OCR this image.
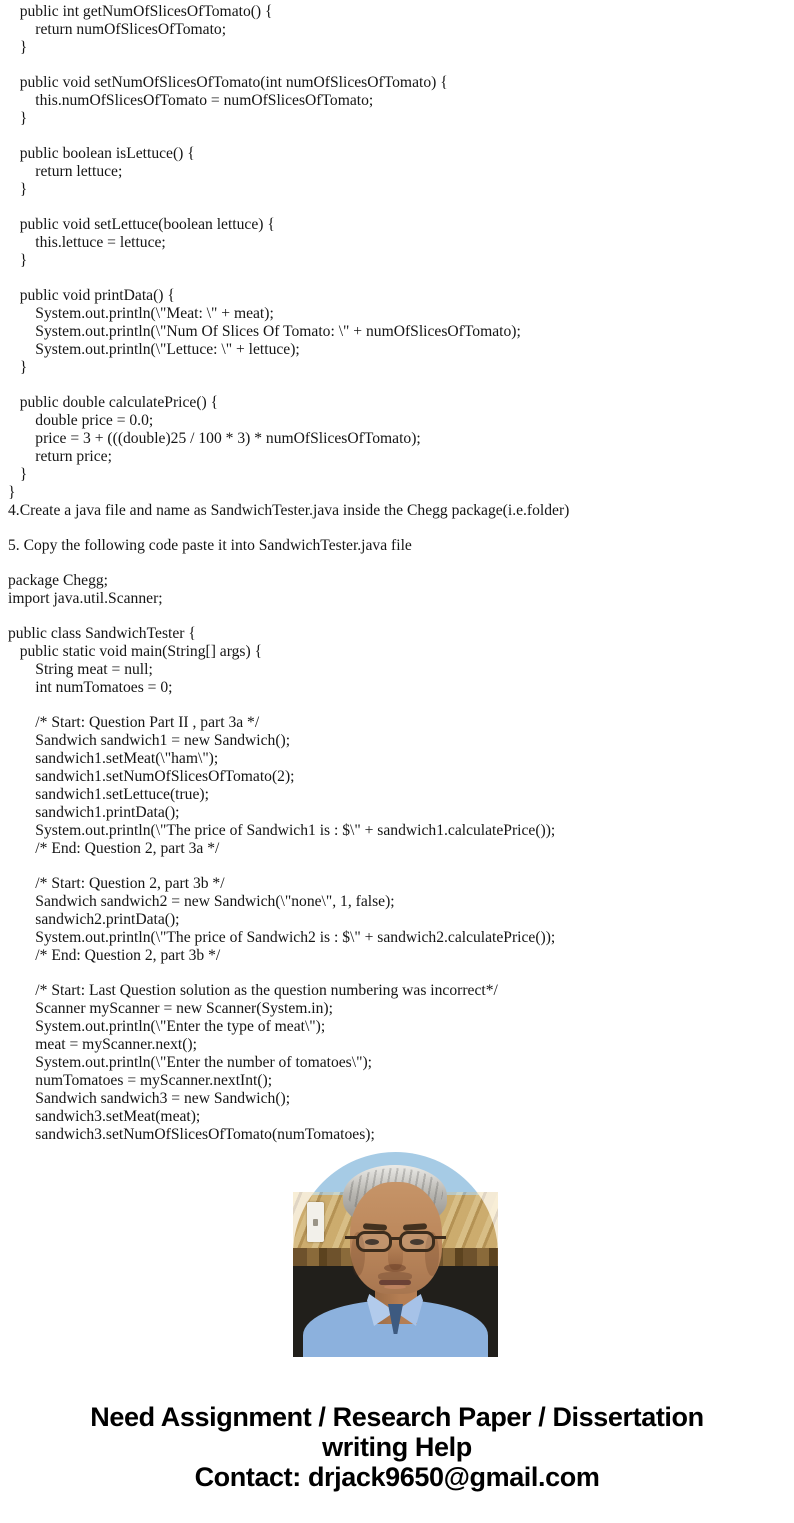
public int getNumOfSlicesOfTomato() {
return numOfSlicesOfTomato;
}
public void setNumOfSlicesOfTomato(int numOfSlicesOfTomato) {
this.numOfSlicesOfTomato = numOfSlicesOfTomato;
}
public boolean isLettuce() {
return lettuce;
}
public void setLettuce(boolean lettuce) {
this.lettuce = lettuce;
}
public void printData() {
System.out.println(\"Meat: \" + meat);
System.out.println(\"Num Of Slices Of Tomato: \" + numOfSlicesOfTomato);
System.out.println(\"Lettuce: \" + lettuce);
}
public double calculatePrice() {
double price = 0.0;
price = 3 + (((double)25 / 100 * 3) * numOfSlicesOfTomato);
return price;
}
}
4.Create a java file and name as SandwichTester.java inside the Chegg package(i.e.folder)
5. Copy the following code paste it into SandwichTester.java file
package Chegg;
import java.util.Scanner;
public class SandwichTester {
public static void main(String[] args) {
String meat = null;
int numTomatoes = 0;
/* Start: Question Part II , part 3a */
Sandwich sandwich1 = new Sandwich();
sandwich1.setMeat(\"ham\");
sandwich1.setNumOfSlicesOfTomato(2);
sandwich1.setLettuce(true);
sandwich1.printData();
System.out.println(\"The price of Sandwich1 is : $\" + sandwich1.calculatePrice());
/* End: Question 2, part 3a */
/* Start: Question 2, part 3b */
Sandwich sandwich2 = new Sandwich(\"none\", 1, false);
sandwich2.printData();
System.out.println(\"The price of Sandwich2 is : $\" + sandwich2.calculatePrice());
/* End: Question 2, part 3b */
/* Start: Last Question solution as the question numbering was incorrect*/
Scanner myScanner = new Scanner(System.in);
System.out.println(\"Enter the type of meat\");
meat = myScanner.next();
System.out.println(\"Enter the number of tomatoes\");
numTomatoes = myScanner.nextInt();
Sandwich sandwich3 = new Sandwich();
sandwich3.setMeat(meat);
sandwich3.setNumOfSlicesOfTomato(numTomatoes);
Need Assignment / Research Paper / Dissertation
writing Help
Contact: drjack9650@gmail.com
